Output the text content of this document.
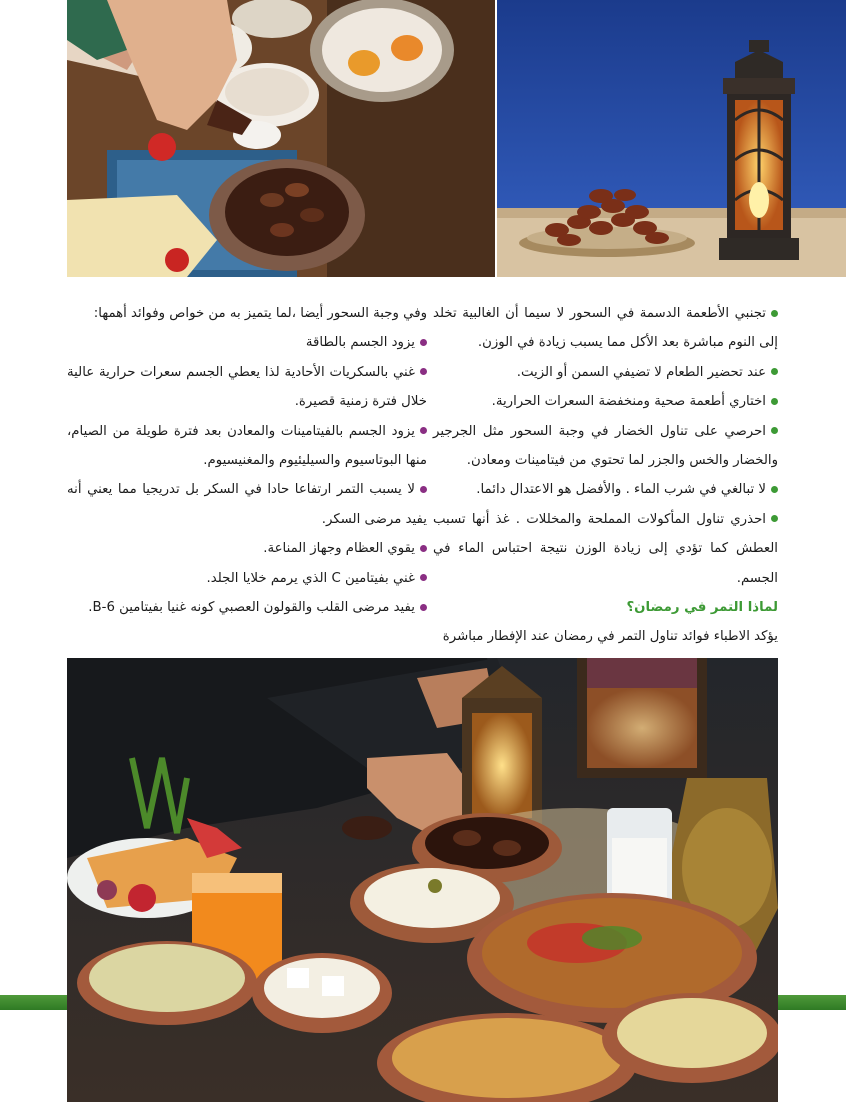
تجنبي الأطعمة الدسمة في السحور لا سيما أن الغالبية تخلد إلى النوم مباشرة بعد الأكل مما يسبب زيادة في الوزن.

عند تحضير الطعام لا تضيفي السمن أو الزيت.

اختاري أطعمة صحية ومنخفضة السعرات الحرارية.

احرصي على تناول الخضار في وجبة السحور مثل الجرجير والخضار والخس والجزر لما تحتوي من فيتامينات ومعادن.

لا تبالغي في شرب الماء . والأفضل هو الاعتدال دائما.

احذري تناول المأكولات المملحة والمخللات . غذ أنها تسبب العطش كما تؤدي إلى زيادة الوزن نتيجة احتباس الماء في الجسم.

لماذا التمر في رمضان؟

يؤكد الاطباء فوائد تناول التمر في رمضان عند الإفطار مباشرة

وفي وجبة السحور أيضا ،لما يتميز به من خواص وفوائد أهمها:

يزود الجسم بالطاقة

غني بالسكريات الأحادية لذا يعطي الجسم سعرات حرارية عالية خلال فترة زمنية قصيرة.

يزود الجسم بالفيتامينات والمعادن بعد فترة طويلة من الصيام، منها البوتاسيوم والسيليئيوم والمغنيسيوم.

لا يسبب التمر ارتفاعا حادا في السكر بل تدريجيا مما يعني أنه يفيد مرضى السكر.

يقوي العظام وجهاز المناعة.

غني بفيتامين C الذي يرمم خلايا الجلد.

يفيد مرضى القلب والقولون العصبي كونه غنيا بفيتامين 6-B.
